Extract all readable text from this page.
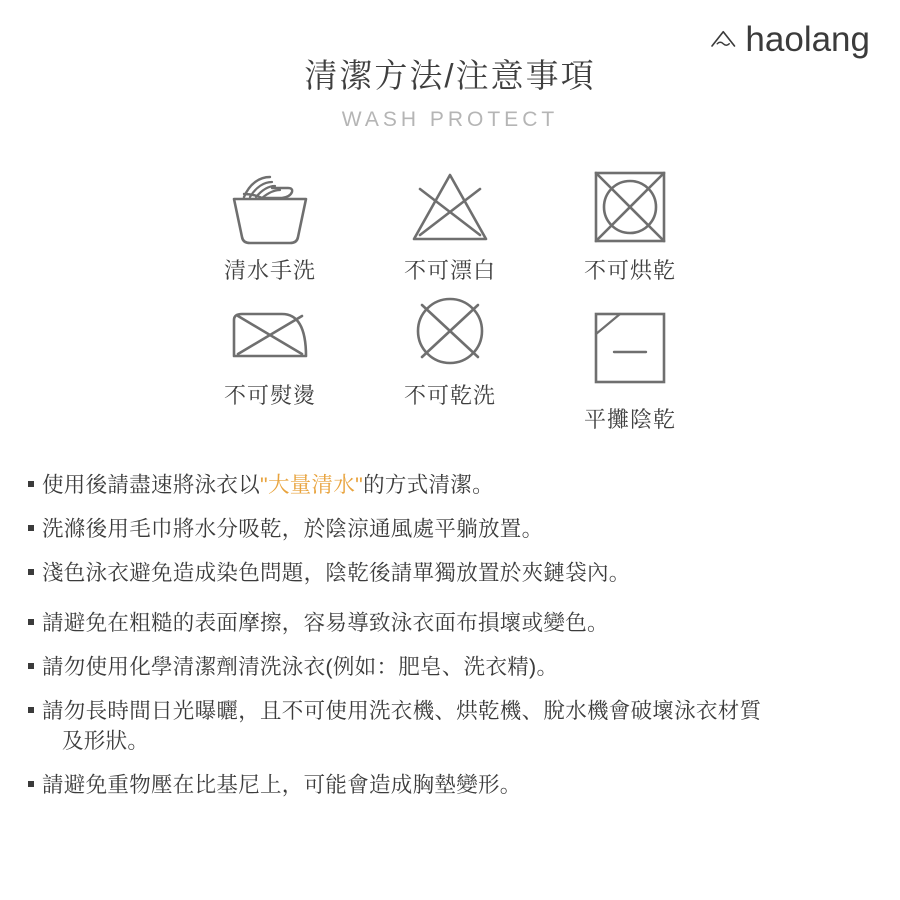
haolang
清潔方法/注意事項
WASH PROTECT
清水手洗	不可漂白	不可烘乾
不可熨燙	不可乾洗
平攤陰乾
使用後請盡速將泳衣以"大量清水"的方式清潔。
洗滌後用毛巾將水分吸乾，於陰涼通風處平躺放置。
淺色泳衣避免造成染色問題，陰乾後請單獨放置於夾鏈袋內。
請避免在粗糙的表面摩擦，容易導致泳衣面布損壞或變色。
請勿使用化學清潔劑清洗泳衣(例如：肥皂、洗衣精)。
請勿長時間日光曝曬，且不可使用洗衣機、烘乾機、脫水機會破壞泳衣材質
及形狀。
請避免重物壓在比基尼上，可能會造成胸墊變形。
